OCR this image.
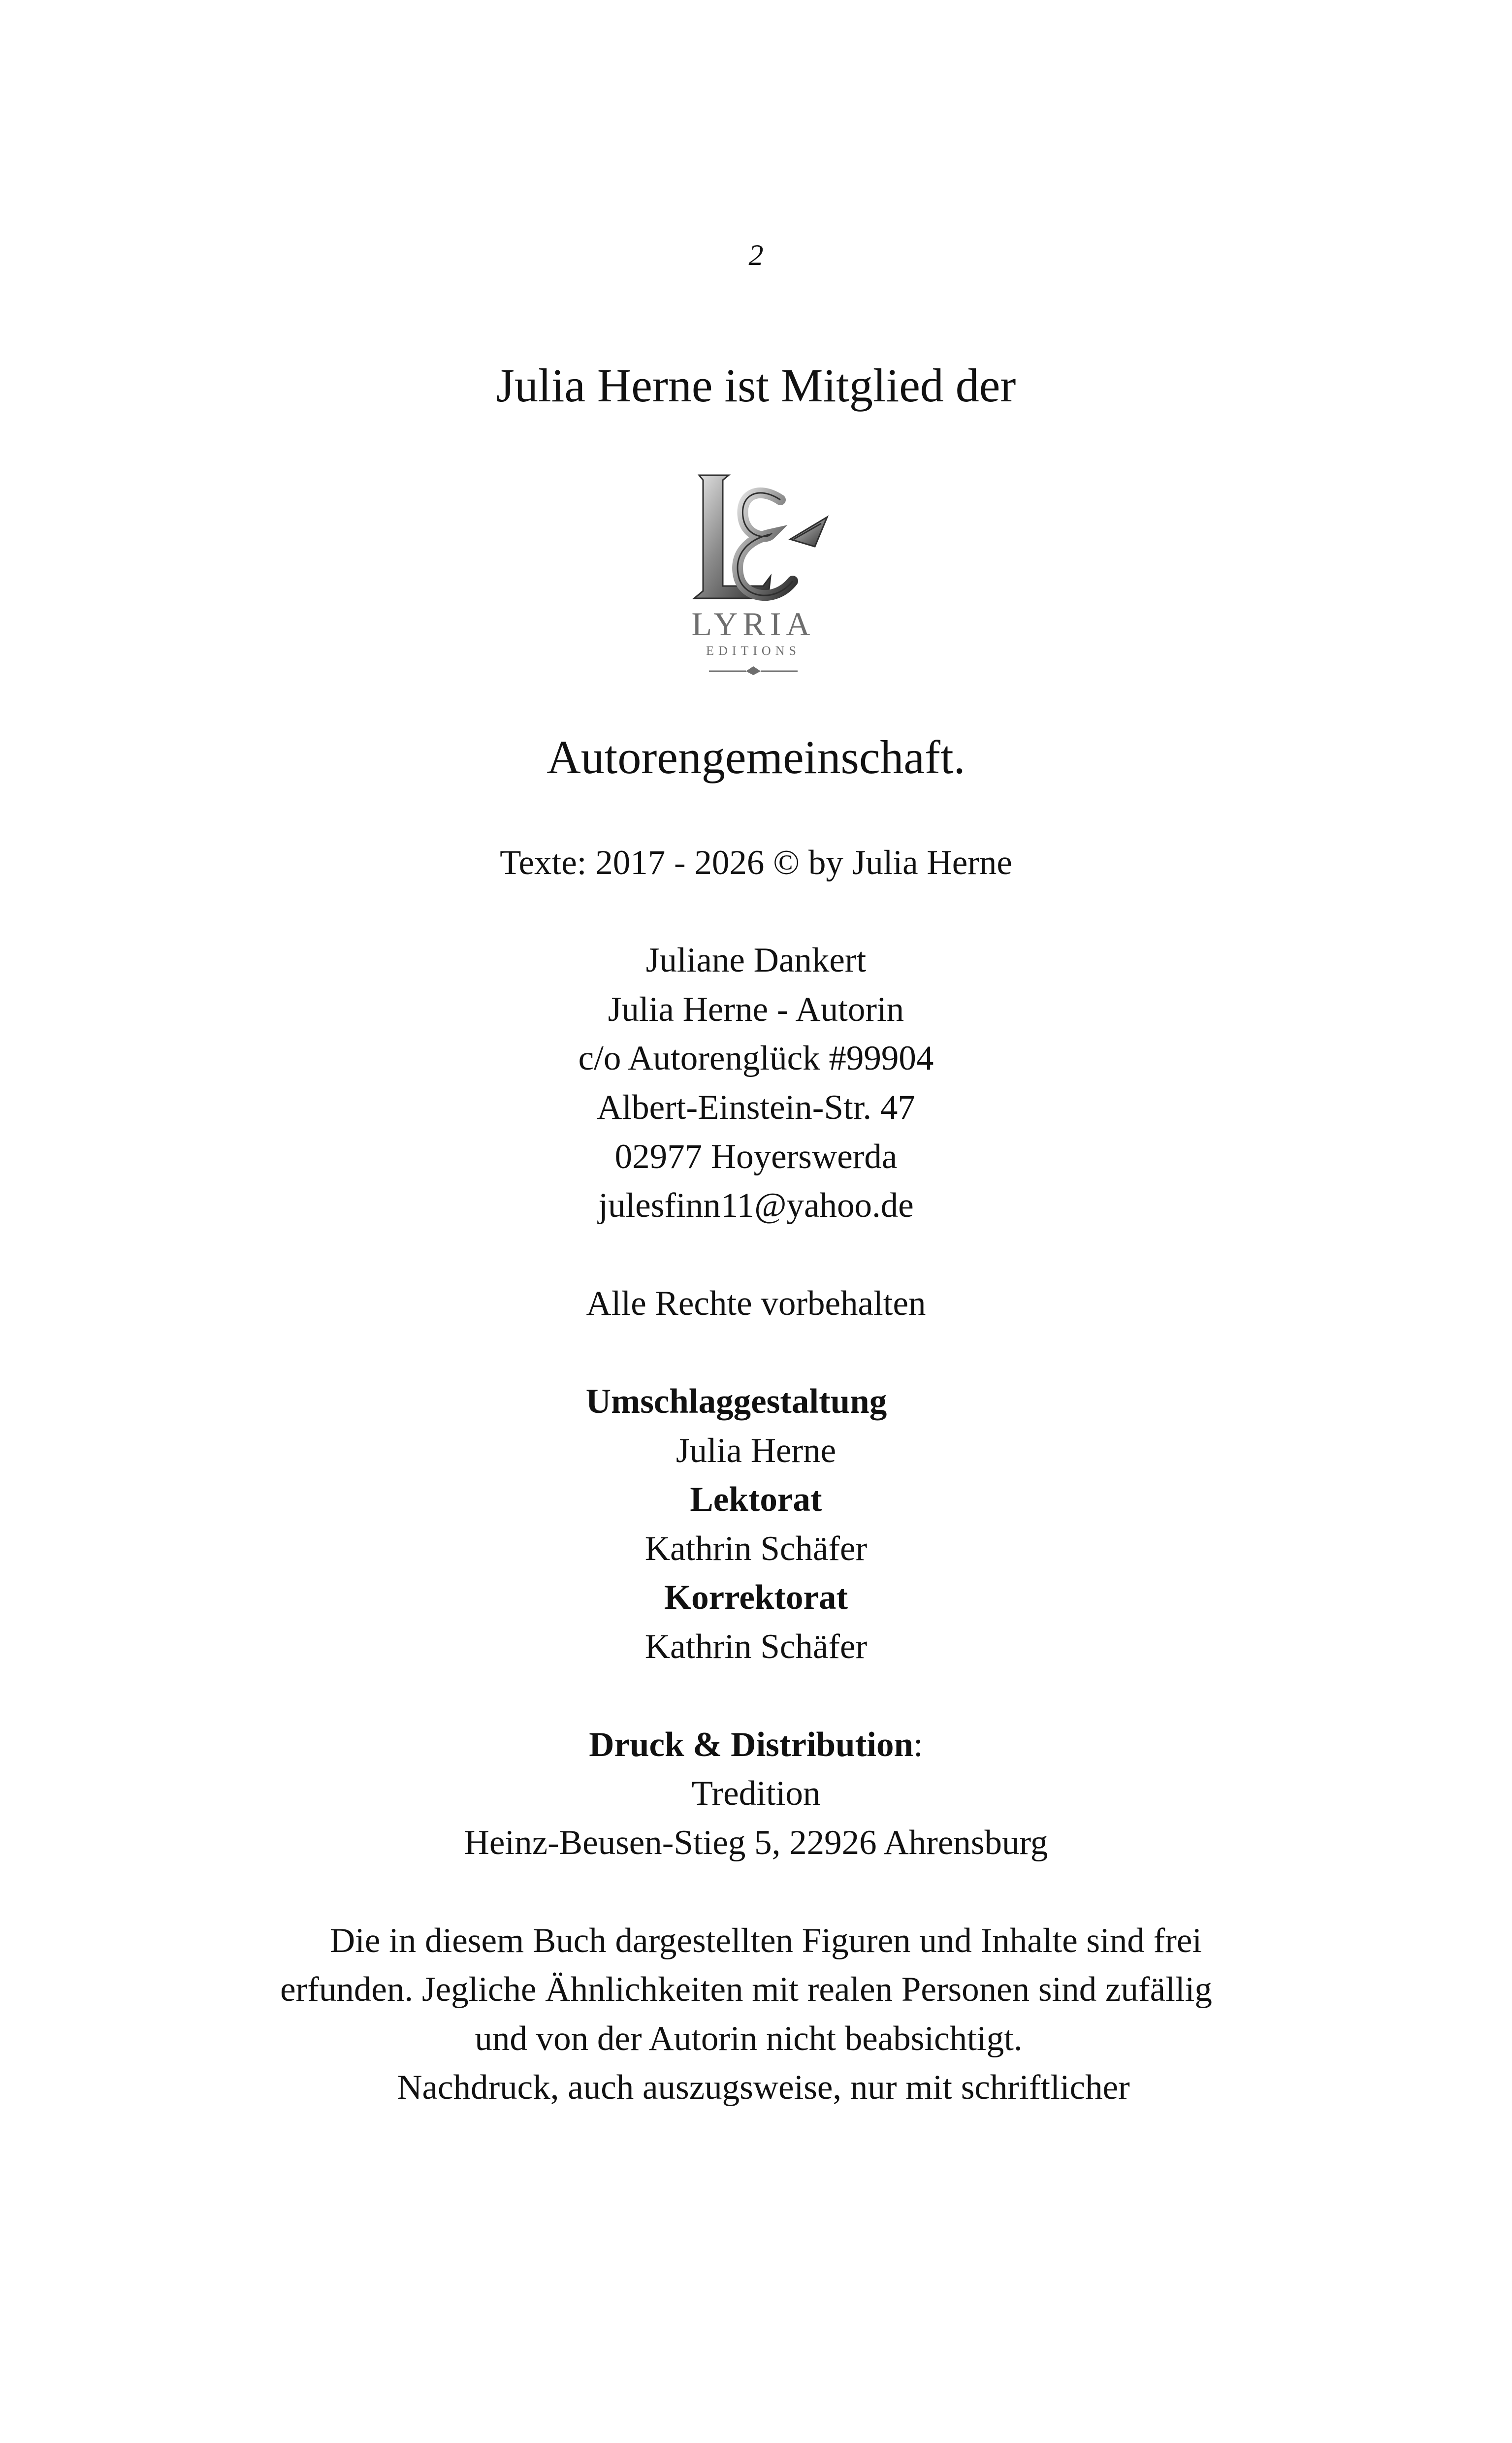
2
Julia Herne ist Mitglied der
LYRIA
EDITIONS
Autorengemeinschaft.
Texte: 2017 - 2026 © by Julia Herne
Juliane Dankert
Julia Herne - Autorin
c/o Autorenglück #99904
Albert-Einstein-Str. 47
02977 Hoyerswerda
julesfinn11@yahoo.de
Alle Rechte vorbehalten
Umschlaggestaltung
Julia Herne
Lektorat
Kathrin Schäfer
Korrektorat
Kathrin Schäfer
Druck & Distribution:
Tredition
Heinz-Beusen-Stieg 5, 22926 Ahrensburg
Die in diesem Buch dargestellten Figuren und Inhalte sind frei
erfunden. Jegliche Ähnlichkeiten mit realen Personen sind zufällig
und von der Autorin nicht beabsichtigt.
Nachdruck, auch auszugsweise, nur mit schriftlicher
